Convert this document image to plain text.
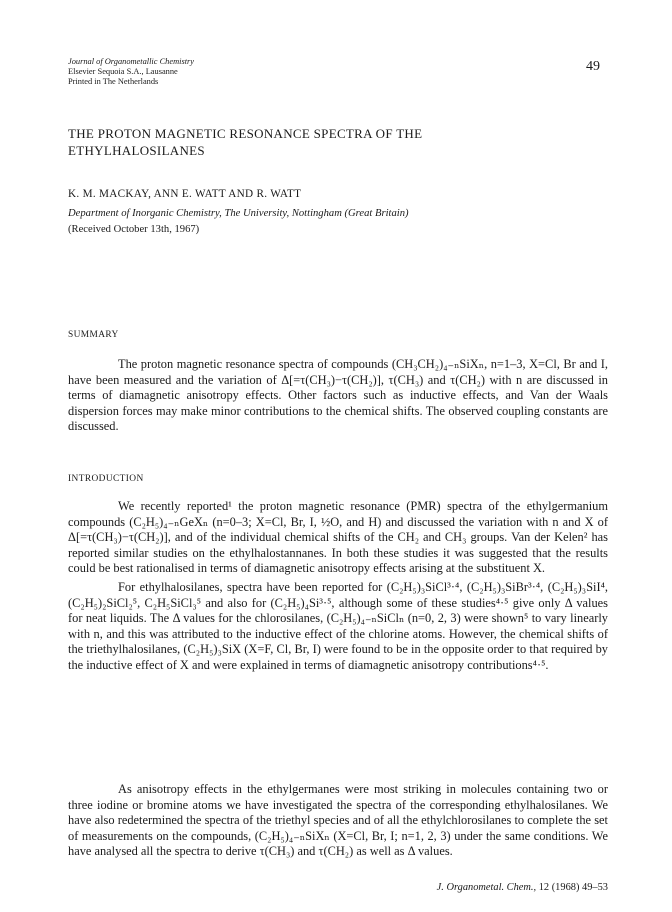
Journal of Organometallic Chemistry
Elsevier Sequoia S.A., Lausanne
Printed in The Netherlands
49
THE PROTON MAGNETIC RESONANCE SPECTRA OF THE
ETHYLHALOSILANES
K. M. MACKAY, ANN E. WATT AND R. WATT
Department of Inorganic Chemistry, The University, Nottingham (Great Britain)
(Received October 13th, 1967)
SUMMARY
The proton magnetic resonance spectra of compounds (CH₃CH₂)₄₋ₙSiXₙ, n=1–3, X=Cl, Br and I, have been measured and the variation of Δ[=τ(CH₃)−τ(CH₂)], τ(CH₃) and τ(CH₂) with n are discussed in terms of diamagnetic anisotropy effects. Other factors such as inductive effects, and Van der Waals dispersion forces may make minor contributions to the chemical shifts. The observed coupling constants are discussed.
INTRODUCTION
We recently reported¹ the proton magnetic resonance (PMR) spectra of the ethylgermanium compounds (C₂H₅)₄₋ₙGeXₙ (n=0–3; X=Cl, Br, I, ½O, and H) and discussed the variation with n and X of Δ[=τ(CH₃)−τ(CH₂)], and of the individual chemical shifts of the CH₂ and CH₃ groups. Van der Kelen² has reported similar studies on the ethylhalostannanes. In both these studies it was suggested that the results could be best rationalised in terms of diamagnetic anisotropy effects arising at the substituent X.
For ethylhalosilanes, spectra have been reported for (C₂H₅)₃SiCl³·⁴, (C₂H₅)₃SiBr³·⁴, (C₂H₅)₃SiI⁴, (C₂H₅)₂SiCl₂⁵, C₂H₅SiCl₃⁵ and also for (C₂H₅)₄Si³·⁵, although some of these studies⁴·⁵ give only Δ values for neat liquids. The Δ values for the chlorosilanes, (C₂H₅)₄₋ₙSiClₙ (n=0, 2, 3) were shown⁵ to vary linearly with n, and this was attributed to the inductive effect of the chlorine atoms. However, the chemical shifts of the triethylhalosilanes, (C₂H₅)₃SiX (X=F, Cl, Br, I) were found to be in the opposite order to that required by the inductive effect of X and were explained in terms of diamagnetic anisotropy contributions⁴·⁵.
As anisotropy effects in the ethylgermanes were most striking in molecules containing two or three iodine or bromine atoms we have investigated the spectra of the corresponding ethylhalosilanes. We have also redetermined the spectra of the triethyl species and of all the ethylchlorosilanes to complete the set of measurements on the compounds, (C₂H₅)₄₋ₙSiXₙ (X=Cl, Br, I; n=1, 2, 3) under the same conditions. We have analysed all the spectra to derive τ(CH₃) and τ(CH₂) as well as Δ values.
J. Organometal. Chem., 12 (1968) 49–53
